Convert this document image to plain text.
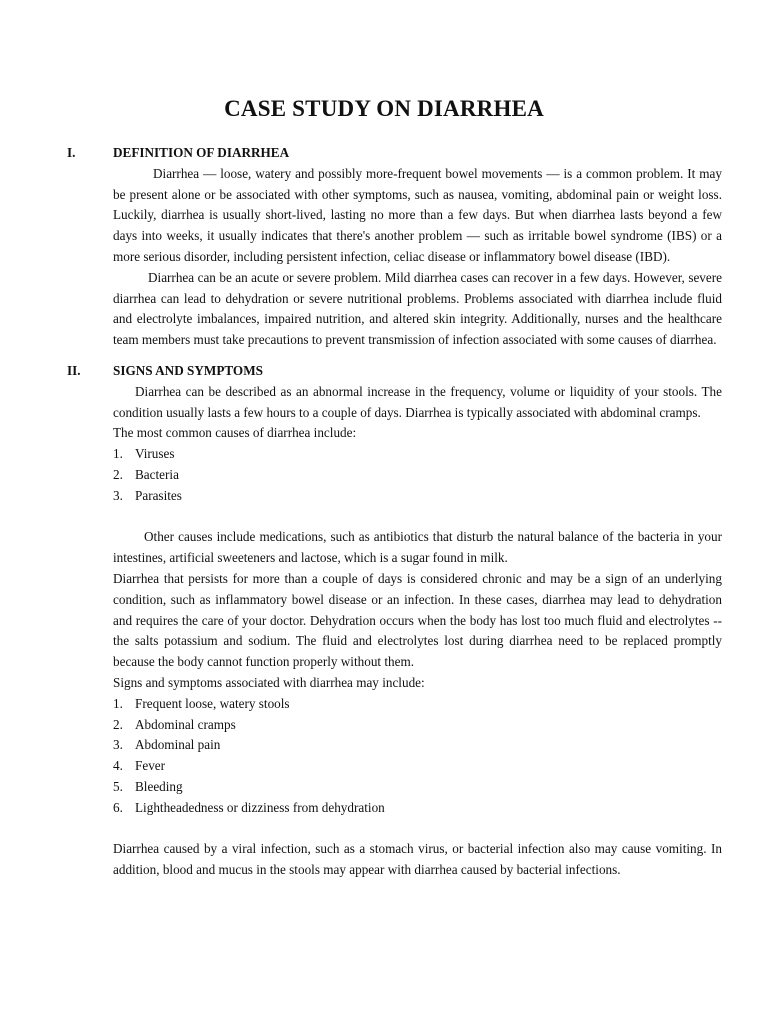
CASE STUDY ON DIARRHEA
I.	DEFINITION OF DIARRHEA

Diarrhea — loose, watery and possibly more-frequent bowel movements — is a common problem. It may be present alone or be associated with other symptoms, such as nausea, vomiting, abdominal pain or weight loss. Luckily, diarrhea is usually short-lived, lasting no more than a few days. But when diarrhea lasts beyond a few days into weeks, it usually indicates that there's another problem — such as irritable bowel syndrome (IBS) or a more serious disorder, including persistent infection, celiac disease or inflammatory bowel disease (IBD).

Diarrhea can be an acute or severe problem. Mild diarrhea cases can recover in a few days. However, severe diarrhea can lead to dehydration or severe nutritional problems. Problems associated with diarrhea include fluid and electrolyte imbalances, impaired nutrition, and altered skin integrity. Additionally, nurses and the healthcare team members must take precautions to prevent transmission of infection associated with some causes of diarrhea.

II. SIGNS AND SYMPTOMS

Diarrhea can be described as an abnormal increase in the frequency, volume or liquidity of your stools. The condition usually lasts a few hours to a couple of days. Diarrhea is typically associated with abdominal cramps.

The most common causes of diarrhea include:

1. Viruses
2. Bacteria
3. Parasites

Other causes include medications, such as antibiotics that disturb the natural balance of the bacteria in your intestines, artificial sweeteners and lactose, which is a sugar found in milk.

Diarrhea that persists for more than a couple of days is considered chronic and may be a sign of an underlying condition, such as inflammatory bowel disease or an infection. In these cases, diarrhea may lead to dehydration and requires the care of your doctor. Dehydration occurs when the body has lost too much fluid and electrolytes -- the salts potassium and sodium. The fluid and electrolytes lost during diarrhea need to be replaced promptly because the body cannot function properly without them.

Signs and symptoms associated with diarrhea may include:

1. Frequent loose, watery stools
2. Abdominal cramps
3. Abdominal pain
4. Fever
5. Bleeding
6. Lightheadedness or dizziness from dehydration

Diarrhea caused by a viral infection, such as a stomach virus, or bacterial infection also may cause vomiting. In addition, blood and mucus in the stools may appear with diarrhea caused by bacterial infections.
